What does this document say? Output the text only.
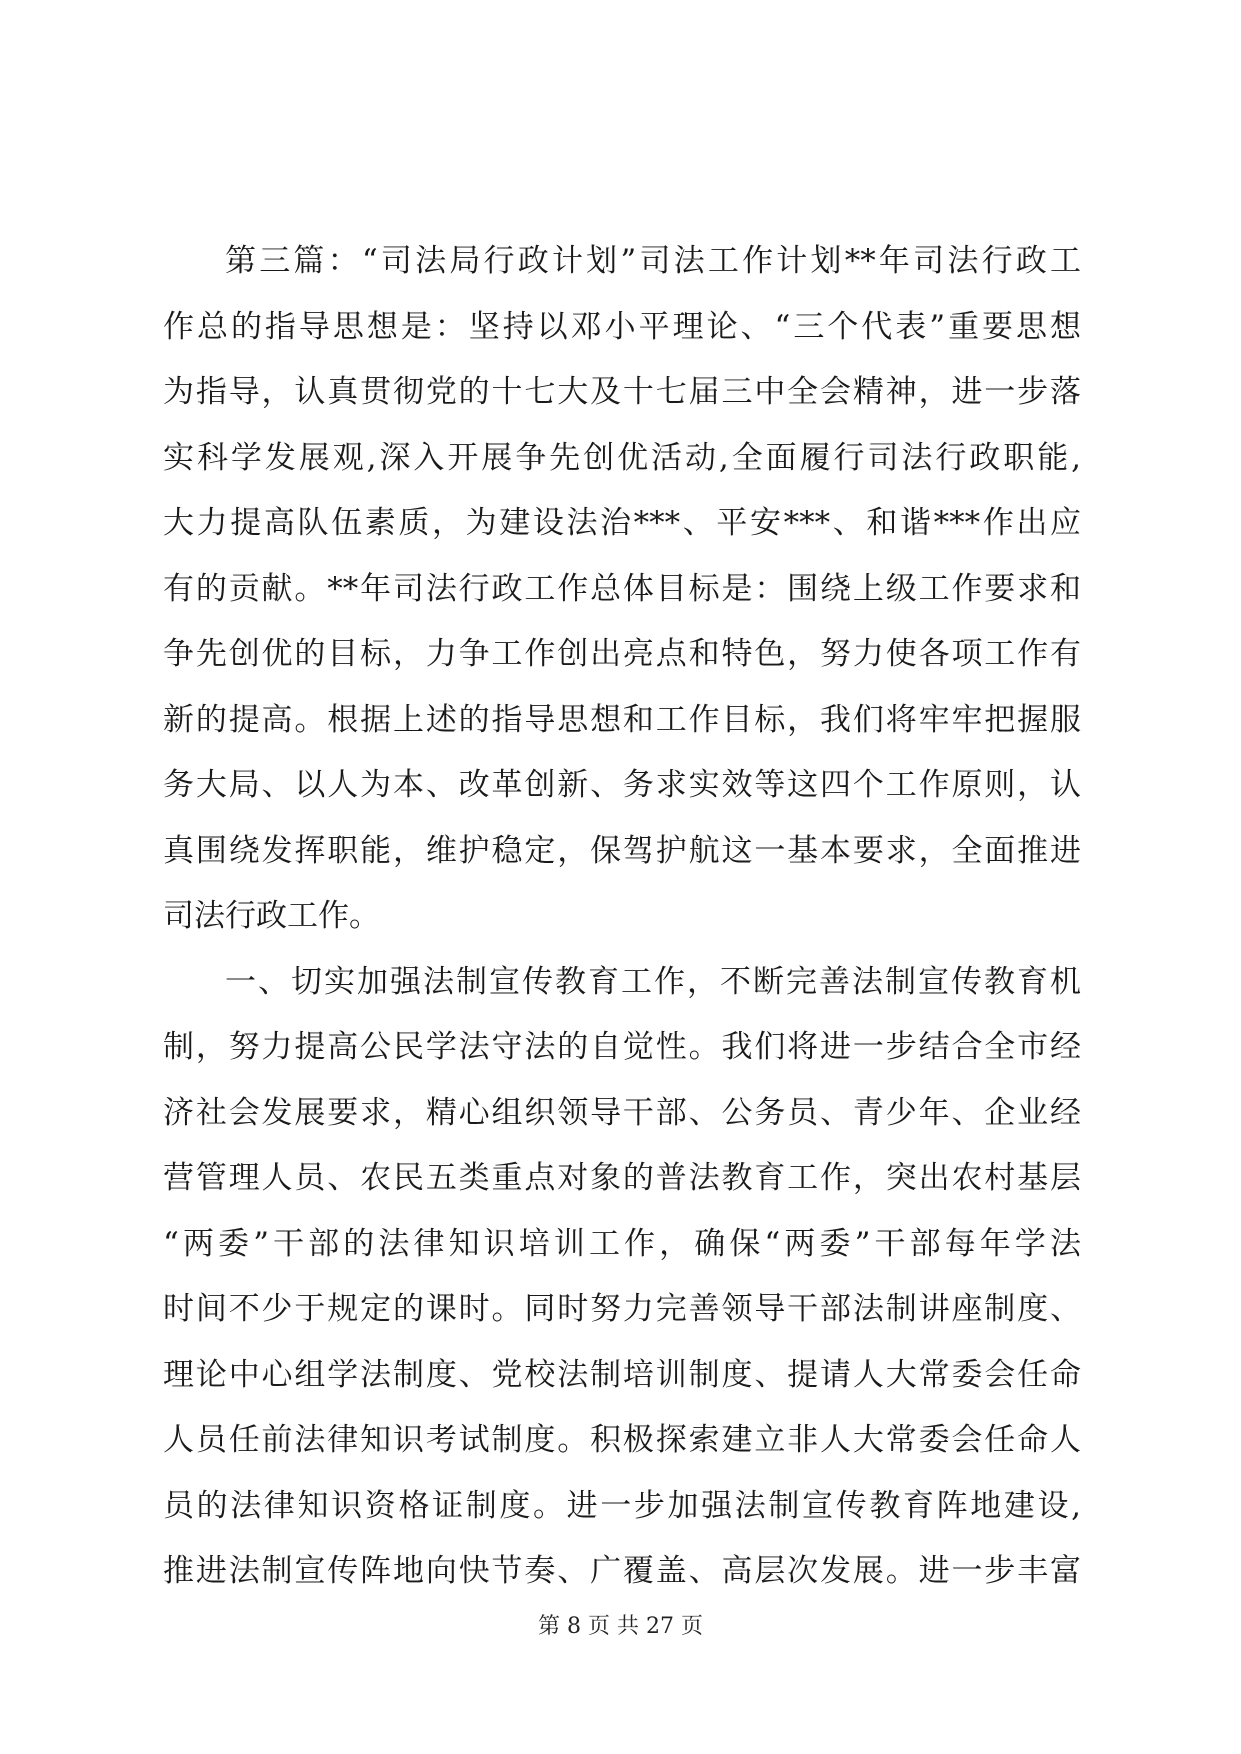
第三篇：“司法局行政计划”司法工作计划**年司法行政工
作总的指导思想是：坚持以邓小平理论、“三个代表”重要思想
为指导，认真贯彻党的十七大及十七届三中全会精神，进一步落
实科学发展观,深入开展争先创优活动,全面履行司法行政职能,
大力提高队伍素质，为建设法治***、平安***、和谐***作出应
有的贡献。**年司法行政工作总体目标是：围绕上级工作要求和
争先创优的目标，力争工作创出亮点和特色，努力使各项工作有
新的提高。根据上述的指导思想和工作目标，我们将牢牢把握服
务大局、以人为本、改革创新、务求实效等这四个工作原则，认
真围绕发挥职能，维护稳定，保驾护航这一基本要求，全面推进
司法行政工作。
一、切实加强法制宣传教育工作，不断完善法制宣传教育机
制，努力提高公民学法守法的自觉性。我们将进一步结合全市经
济社会发展要求，精心组织领导干部、公务员、青少年、企业经
营管理人员、农民五类重点对象的普法教育工作，突出农村基层
“两委”干部的法律知识培训工作，确保“两委”干部每年学法
时间不少于规定的课时。同时努力完善领导干部法制讲座制度、
理论中心组学法制度、党校法制培训制度、提请人大常委会任命
人员任前法律知识考试制度。积极探索建立非人大常委会任命人
员的法律知识资格证制度。进一步加强法制宣传教育阵地建设,
推进法制宣传阵地向快节奏、广覆盖、高层次发展。进一步丰富
第 8 页 共 27 页
